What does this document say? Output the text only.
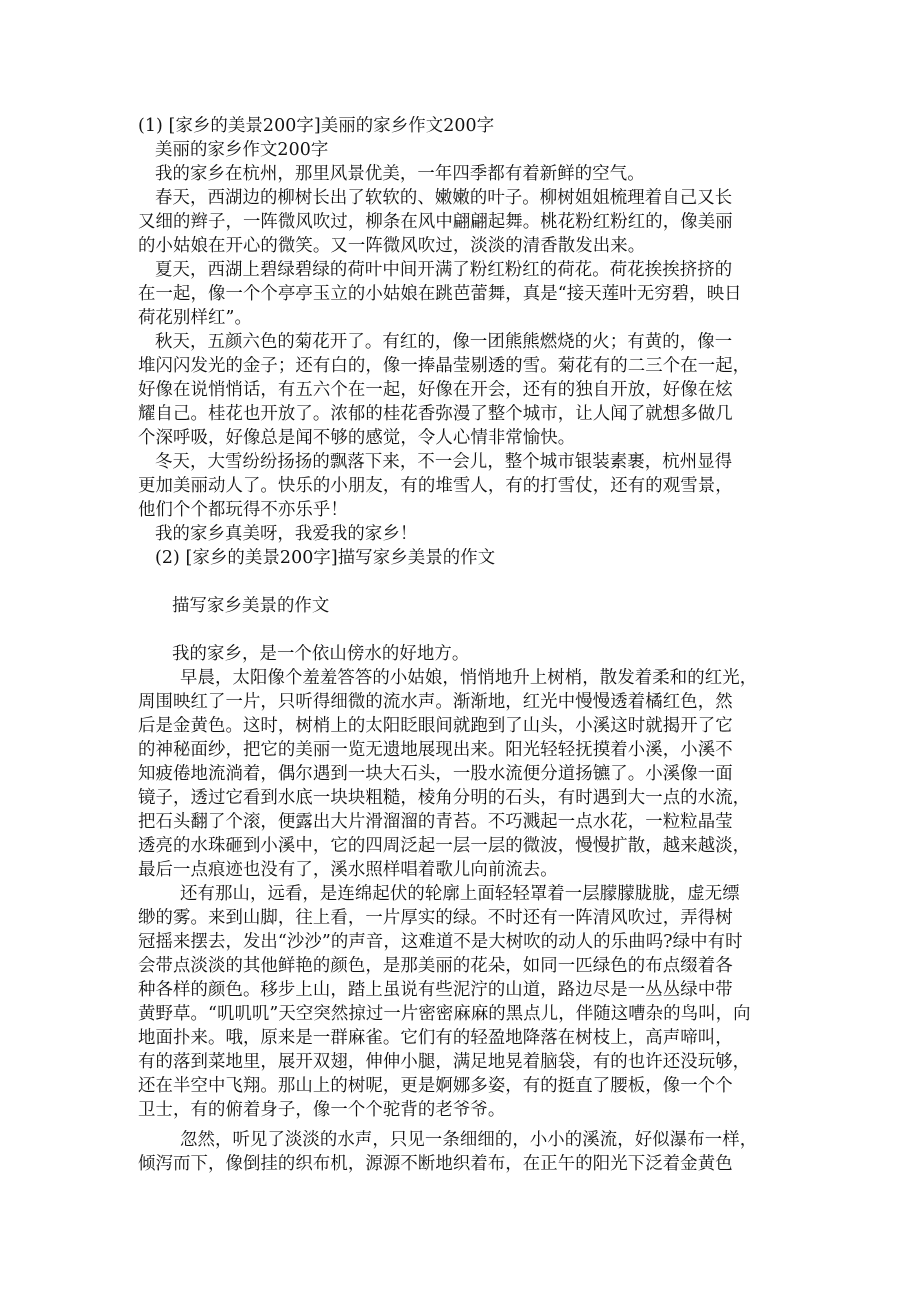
(1) [家乡的美景200字]美丽的家乡作文200字
美丽的家乡作文200字
我的家乡在杭州，那里风景优美，一年四季都有着新鲜的空气。
春天，西湖边的柳树长出了软软的、嫩嫩的叶子。柳树姐姐梳理着自己又长
又细的辫子，一阵微风吹过，柳条在风中翩翩起舞。桃花粉红粉红的，像美丽
的小姑娘在开心的微笑。又一阵微风吹过，淡淡的清香散发出来。
夏天，西湖上碧绿碧绿的荷叶中间开满了粉红粉红的荷花。荷花挨挨挤挤的
在一起，像一个个亭亭玉立的小姑娘在跳芭蕾舞，真是“接天莲叶无穷碧，映日
荷花别样红”。
秋天，五颜六色的菊花开了。有红的，像一团熊熊燃烧的火；有黄的，像一
堆闪闪发光的金子；还有白的，像一捧晶莹剔透的雪。菊花有的二三个在一起，
好像在说悄悄话，有五六个在一起，好像在开会，还有的独自开放，好像在炫
耀自己。桂花也开放了。浓郁的桂花香弥漫了整个城市，让人闻了就想多做几
个深呼吸，好像总是闻不够的感觉，令人心情非常愉快。
冬天，大雪纷纷扬扬的飘落下来，不一会儿，整个城市银装素裹，杭州显得
更加美丽动人了。快乐的小朋友，有的堆雪人，有的打雪仗，还有的观雪景，
他们个个都玩得不亦乐乎！
我的家乡真美呀，我爱我的家乡！
(2) [家乡的美景200字]描写家乡美景的作文
描写家乡美景的作文
我的家乡，是一个依山傍水的好地方。
早晨，太阳像个羞羞答答的小姑娘，悄悄地升上树梢，散发着柔和的红光，
周围映红了一片，只听得细微的流水声。渐渐地，红光中慢慢透着橘红色，然
后是金黄色。这时，树梢上的太阳眨眼间就跑到了山头，小溪这时就揭开了它
的神秘面纱，把它的美丽一览无遗地展现出来。阳光轻轻抚摸着小溪，小溪不
知疲倦地流淌着，偶尔遇到一块大石头，一股水流便分道扬镳了。小溪像一面
镜子，透过它看到水底一块块粗糙，棱角分明的石头，有时遇到大一点的水流，
把石头翻了个滚，便露出大片滑溜溜的青苔。不巧溅起一点水花，一粒粒晶莹
透亮的水珠砸到小溪中，它的四周泛起一层一层的微波，慢慢扩散，越来越淡，
最后一点痕迹也没有了，溪水照样唱着歌儿向前流去。
还有那山，远看，是连绵起伏的轮廓上面轻轻罩着一层朦朦胧胧，虚无缥
缈的雾。来到山脚，往上看，一片厚实的绿。不时还有一阵清风吹过，弄得树
冠摇来摆去，发出“沙沙”的声音，这难道不是大树吹的动人的乐曲吗?绿中有时
会带点淡淡的其他鲜艳的颜色，是那美丽的花朵，如同一匹绿色的布点缀着各
种各样的颜色。移步上山，踏上虽说有些泥泞的山道，路边尽是一丛丛绿中带
黄野草。“叽叽叽”天空突然掠过一片密密麻麻的黑点儿，伴随这嘈杂的鸟叫，向
地面扑来。哦，原来是一群麻雀。它们有的轻盈地降落在树枝上，高声啼叫，
有的落到菜地里，展开双翅，伸伸小腿，满足地晃着脑袋，有的也许还没玩够，
还在半空中飞翔。那山上的树呢，更是婀娜多姿，有的挺直了腰板，像一个个
卫士，有的俯着身子，像一个个驼背的老爷爷。
忽然，听见了淡淡的水声，只见一条细细的，小小的溪流，好似瀑布一样，
倾泻而下，像倒挂的织布机，源源不断地织着布，在正午的阳光下泛着金黄色
